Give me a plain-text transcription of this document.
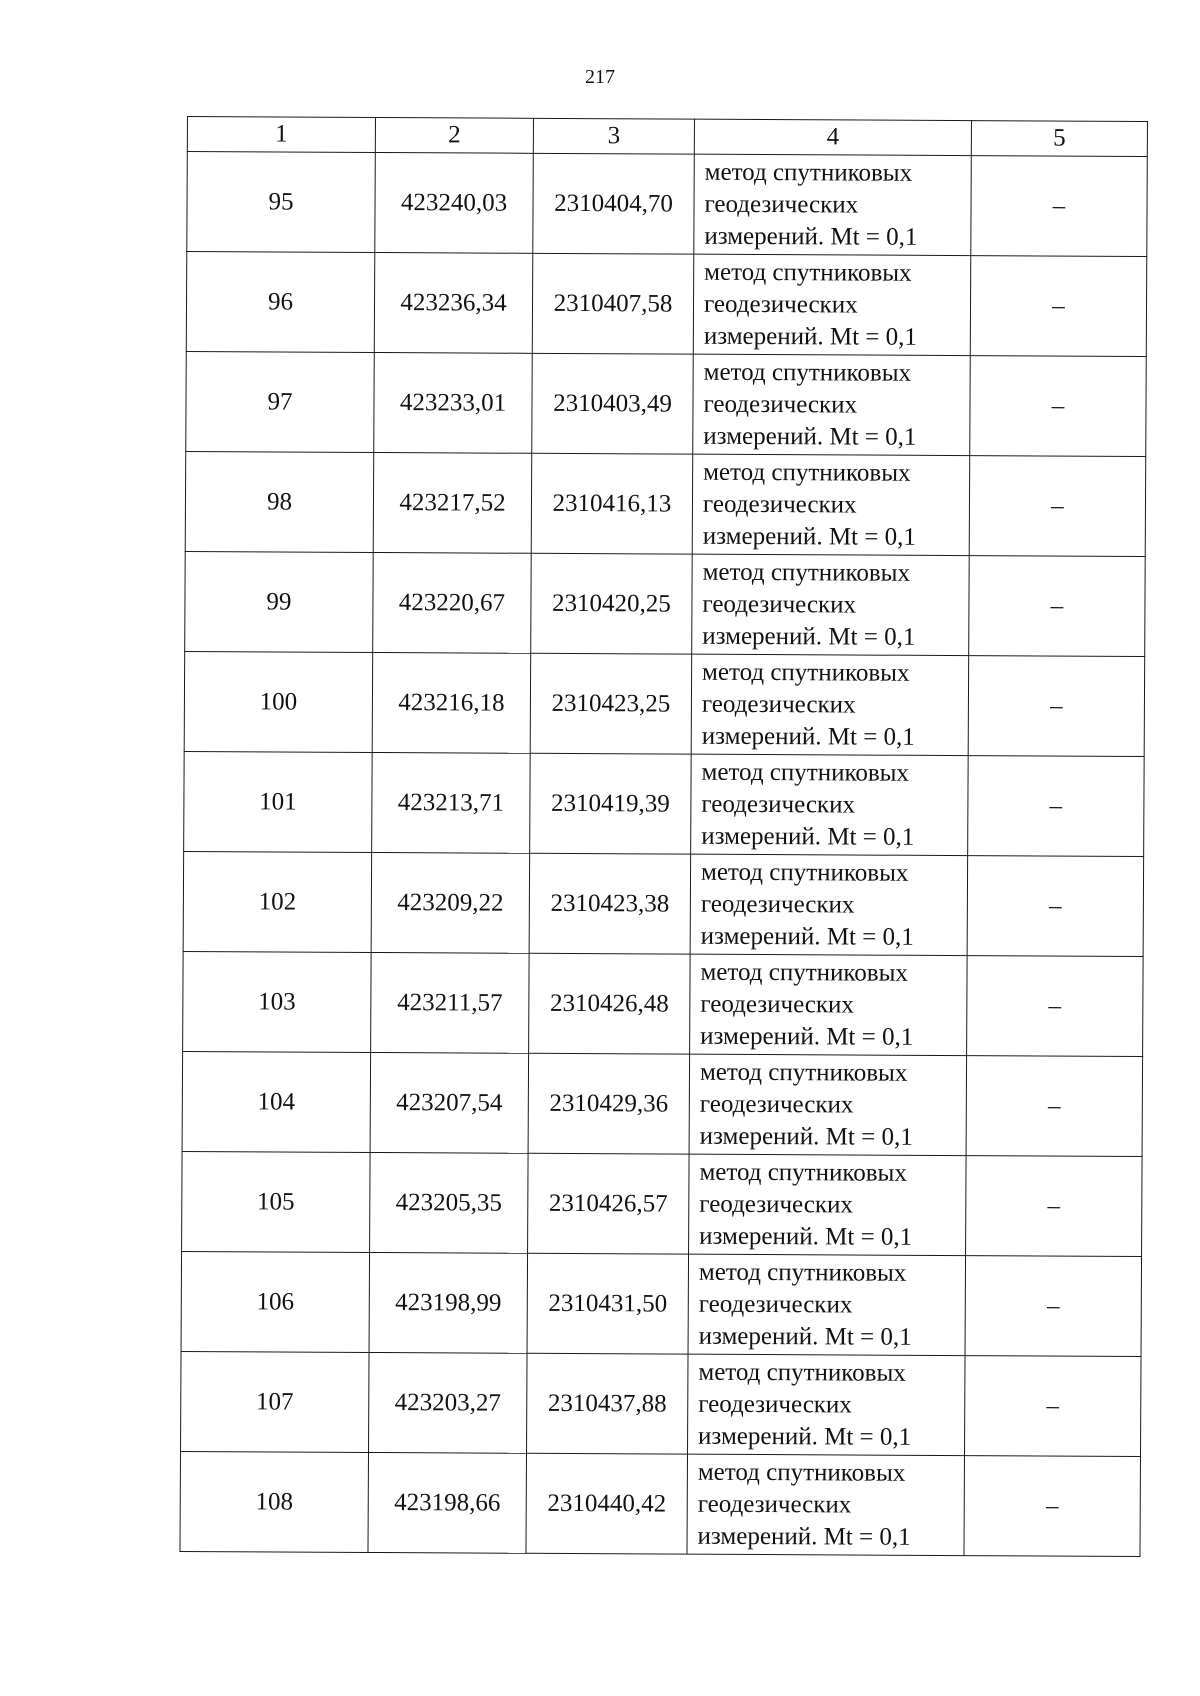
217
1	2	3	4	5
95	423240,03	2310404,70	метод спутниковых
геодезических
измерений. Mt = 0,1	–
96	423236,34	2310407,58	метод спутниковых
геодезических
измерений. Mt = 0,1	–
97	423233,01	2310403,49	метод спутниковых
геодезических
измерений. Mt = 0,1	–
98	423217,52	2310416,13	метод спутниковых
геодезических
измерений. Mt = 0,1	–
99	423220,67	2310420,25	метод спутниковых
геодезических
измерений. Mt = 0,1	–
100	423216,18	2310423,25	метод спутниковых
геодезических
измерений. Mt = 0,1	–
101	423213,71	2310419,39	метод спутниковых
геодезических
измерений. Mt = 0,1	–
102	423209,22	2310423,38	метод спутниковых
геодезических
измерений. Mt = 0,1	–
103	423211,57	2310426,48	метод спутниковых
геодезических
измерений. Mt = 0,1	–
104	423207,54	2310429,36	метод спутниковых
геодезических
измерений. Mt = 0,1	–
105	423205,35	2310426,57	метод спутниковых
геодезических
измерений. Mt = 0,1	–
106	423198,99	2310431,50	метод спутниковых
геодезических
измерений. Mt = 0,1	–
107	423203,27	2310437,88	метод спутниковых
геодезических
измерений. Mt = 0,1	–
108	423198,66	2310440,42	метод спутниковых
геодезических
измерений. Mt = 0,1	–
